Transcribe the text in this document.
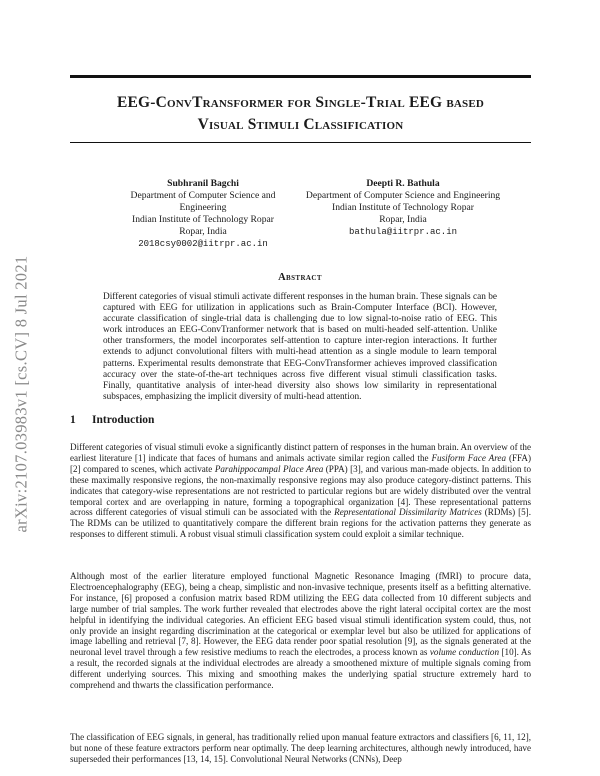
arXiv:2107.03983v1 [cs.CV] 8 Jul 2021
EEG-ConvTransformer for Single-Trial EEG based
Visual Stimuli Classification
Subhranil Bagchi
Department of Computer Science and Engineering
Indian Institute of Technology Ropar
Ropar, India
2018csy0002@iitrpr.ac.in
Deepti R. Bathula
Department of Computer Science and Engineering
Indian Institute of Technology Ropar
Ropar, India
bathula@iitrpr.ac.in
Abstract

Different categories of visual stimuli activate different responses in the human brain. These signals can be captured with EEG for utilization in applications such as Brain-Computer Interface (BCI). However, accurate classification of single-trial data is challenging due to low signal-to-noise ratio of EEG. This work introduces an EEG-ConvTranformer network that is based on multi-headed self-attention. Unlike other transformers, the model incorporates self-attention to capture inter-region interactions. It further extends to adjunct convolutional filters with multi-head attention as a single module to learn temporal patterns. Experimental results demonstrate that EEG-ConvTransformer achieves improved classification accuracy over the state-of-the-art techniques across five different visual stimuli classification tasks. Finally, quantitative analysis of inter-head diversity also shows low similarity in representational subspaces, emphasizing the implicit diversity of multi-head attention.

1 Introduction

Different categories of visual stimuli evoke a significantly distinct pattern of responses in the human brain. An overview of the earliest literature [1] indicate that faces of humans and animals activate similar region called the Fusiform Face Area (FFA) [2] compared to scenes, which activate Parahippocampal Place Area (PPA) [3], and various man-made objects. In addition to these maximally responsive regions, the non-maximally responsive regions may also produce category-distinct patterns. This indicates that category-wise representations are not restricted to particular regions but are widely distributed over the ventral temporal cortex and are overlapping in nature, forming a topographical organization [4]. These representational patterns across different categories of visual stimuli can be associated with the Representational Dissimilarity Matrices (RDMs) [5]. The RDMs can be utilized to quantitatively compare the different brain regions for the activation patterns they generate as responses to different stimuli. A robust visual stimuli classification system could exploit a similar technique.

Although most of the earlier literature employed functional Magnetic Resonance Imaging (fMRI) to procure data, Electroencephalography (EEG), being a cheap, simplistic and non-invasive technique, presents itself as a befitting alternative. For instance, [6] proposed a confusion matrix based RDM utilizing the EEG data collected from 10 different subjects and large number of trial samples. The work further revealed that electrodes above the right lateral occipital cortex are the most helpful in identifying the individual categories. An efficient EEG based visual stimuli identification system could, thus, not only provide an insight regarding discrimination at the categorical or exemplar level but also be utilized for applications of image labelling and retrieval [7, 8]. However, the EEG data render poor spatial resolution [9], as the signals generated at the neuronal level travel through a few resistive mediums to reach the electrodes, a process known as volume conduction [10]. As a result, the recorded signals at the individual electrodes are already a smoothened mixture of multiple signals coming from different underlying sources. This mixing and smoothing makes the underlying spatial structure extremely hard to comprehend and thwarts the classification performance.

The classification of EEG signals, in general, has traditionally relied upon manual feature extractors and classifiers [6, 11, 12], but none of these feature extractors perform near optimally. The deep learning architectures, although newly introduced, have superseded their performances [13, 14, 15]. Convolutional Neural Networks (CNNs), Deep
